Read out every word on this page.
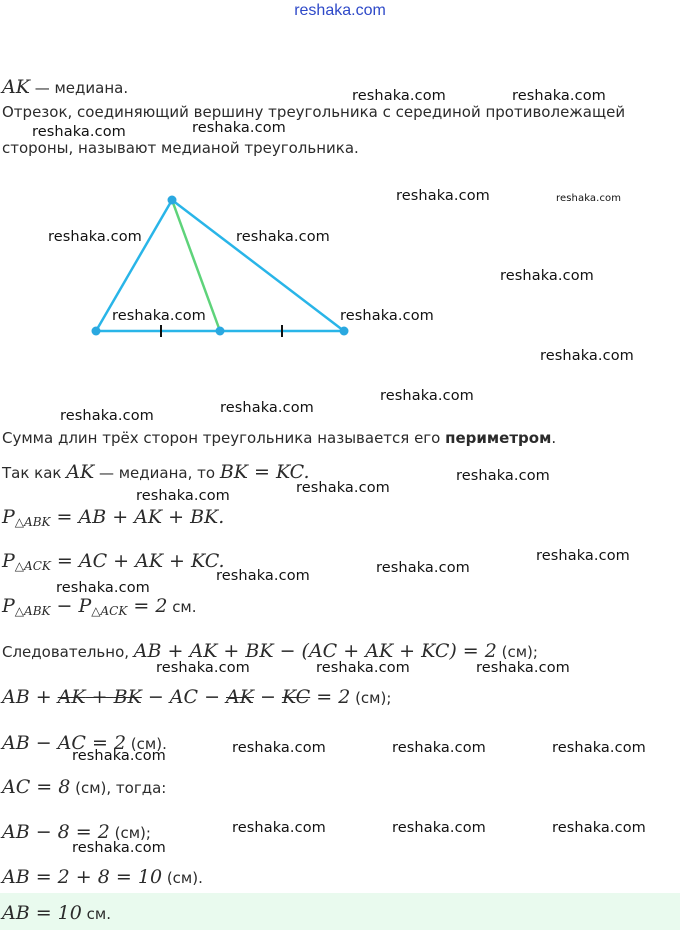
reshaka.com
AK — медиана.
Отрезок, соединяющий вершину треугольника с серединой противолежащей
стороны, называют медианой треугольника.
Сумма длин трёх сторон треугольника называется его периметром.
Так как AK — медиана, то BK = KC.
$P_{\triangle ABK}$ = AB + AK + BK.
$P_{\triangle ACK}$ = AC + AK + KC.
$P_{\triangle ABK} - P_{\triangle ACK} = 2$ см.
Следовательно, AB + AK + BK − (AC + AK + KC) = 2 (см);
AB + AK + BK − AC − AK − KC = 2 (см);
AB − AC = 2 (см).
AC = 8 (см), тогда:
AB − 8 = 2 (см);
AB = 2 + 8 = 10 (см).
AB = 10 см.
reshaka.com	reshaka.com
reshaka.com	reshaka.com
reshaka.com	reshaka.com
reshaka.com	reshaka.com
reshaka.com
reshaka.com	reshaka.com
reshaka.com
reshaka.com
reshaka.com
reshaka.com
reshaka.com
reshaka.com
reshaka.com
reshaka.com
reshaka.com
reshaka.com
reshaka.com
reshaka.com	reshaka.com	reshaka.com
reshaka.com	reshaka.com	reshaka.com
reshaka.com
reshaka.com	reshaka.com	reshaka.com
reshaka.com
